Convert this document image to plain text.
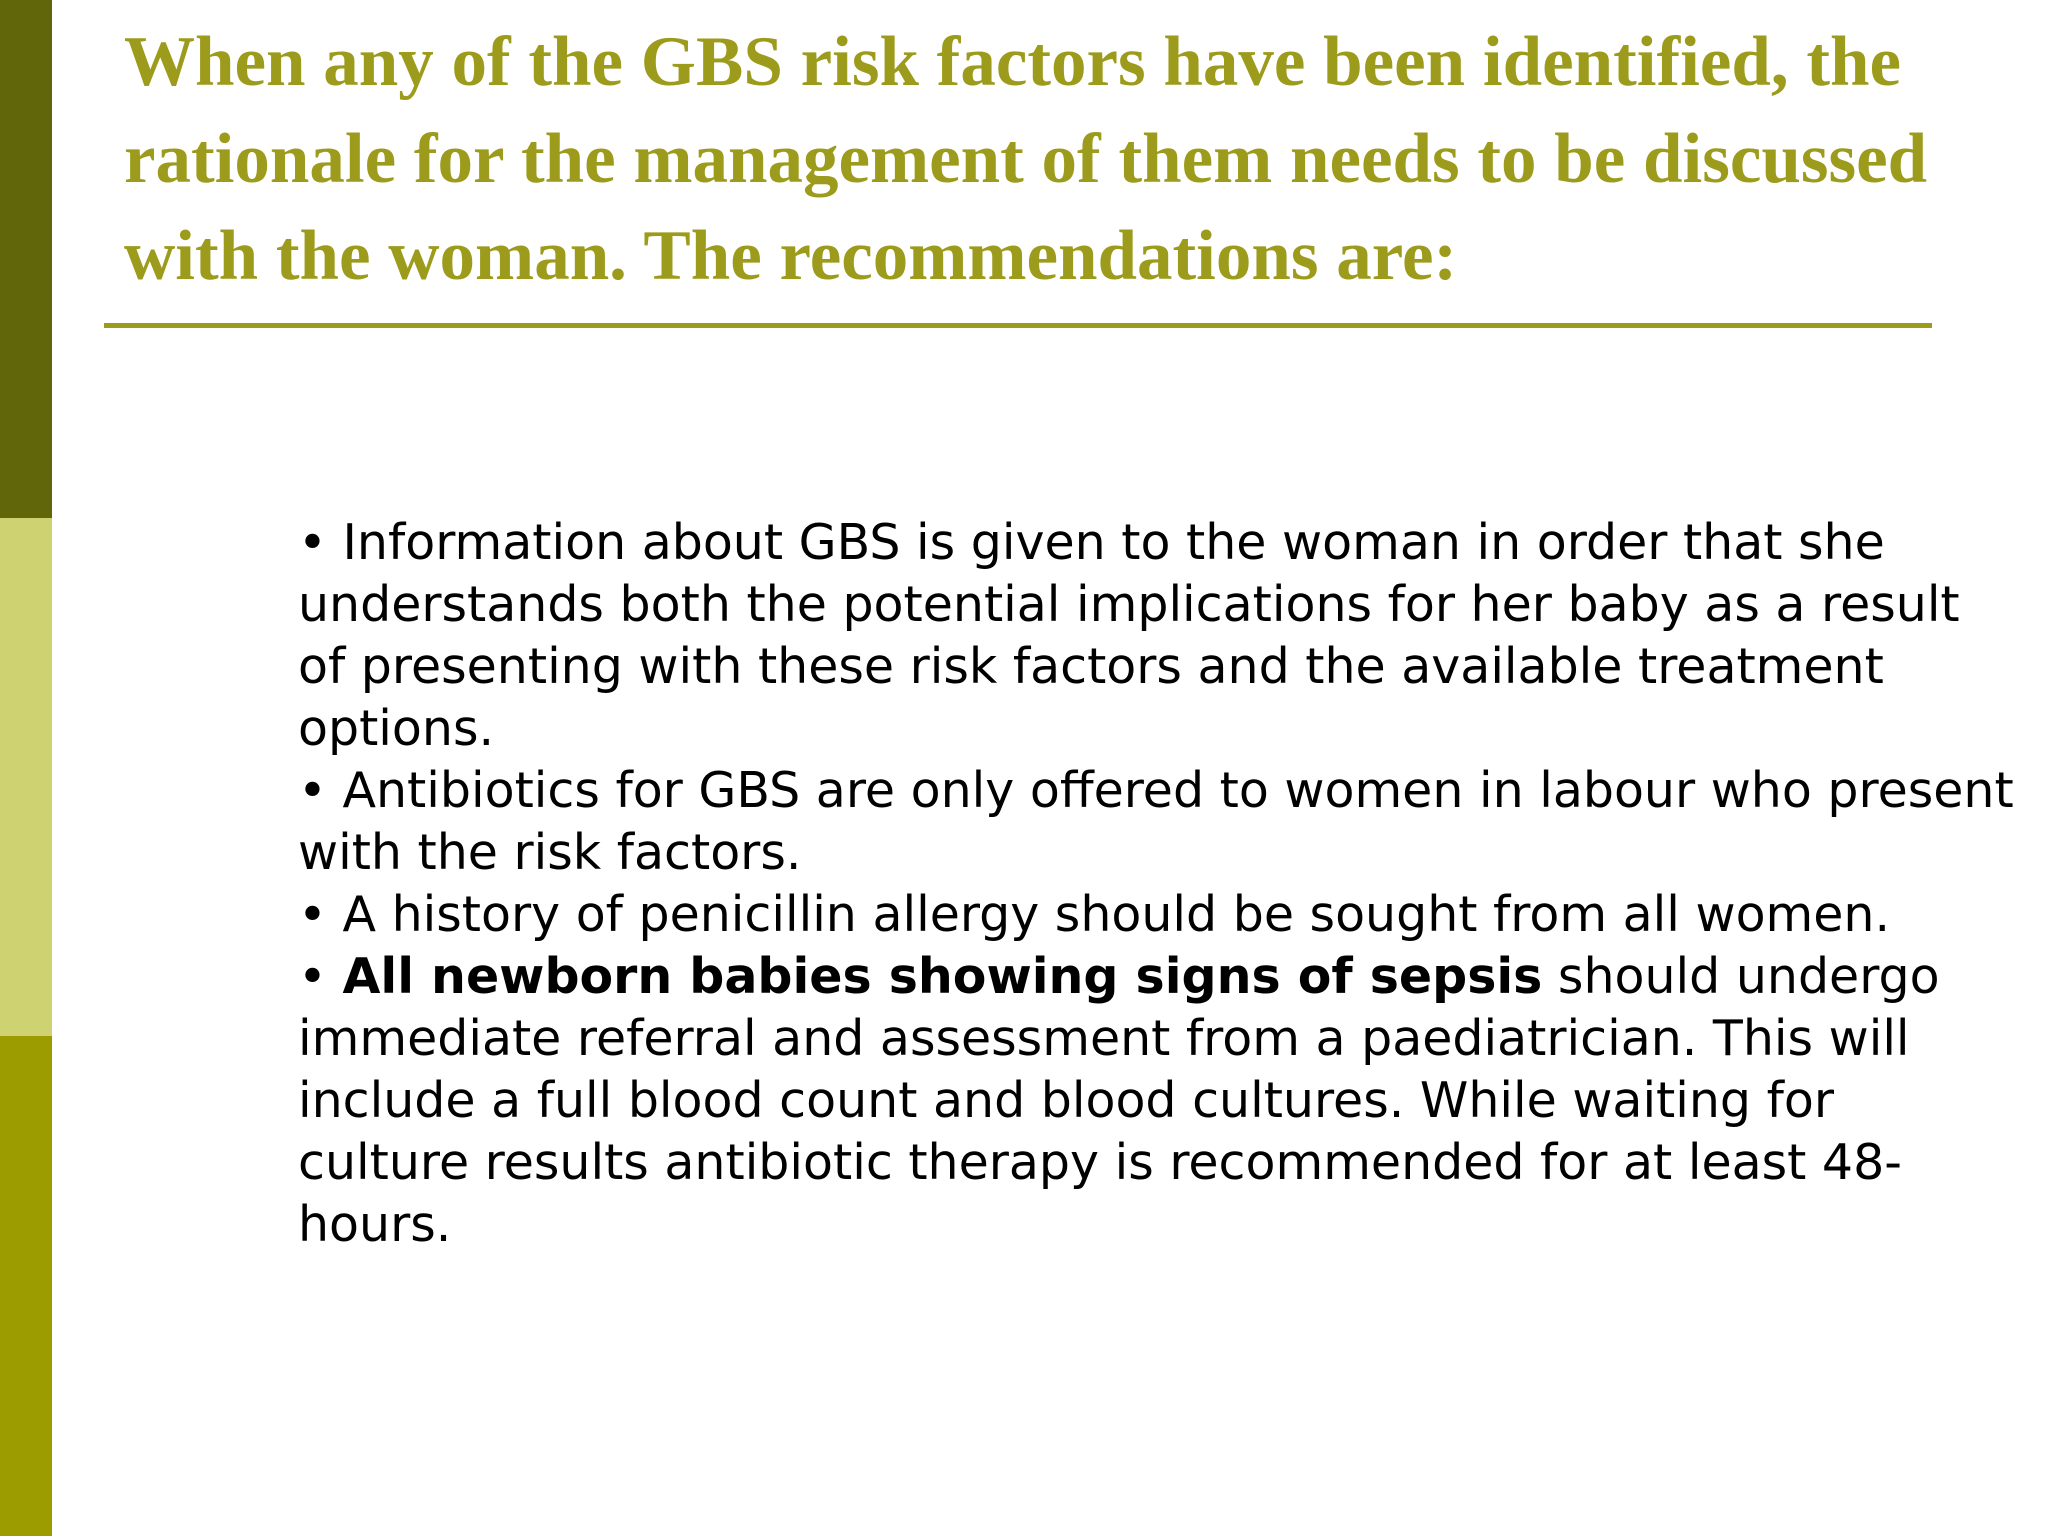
When any of the GBS risk factors have been identified, the rationale for the management of them needs to be discussed with the woman. The recommendations are:

• Information about GBS is given to the woman in order that she understands both the potential implications for her baby as a result of presenting with these risk factors and the available treatment options.

• Antibiotics for GBS are only offered to women in labour who present with the risk factors.

• A history of penicillin allergy should be sought from all women.

• All newborn babies showing signs of sepsis should undergo immediate referral and assessment from a paediatrician. This will include a full blood count and blood cultures. While waiting for culture results antibiotic therapy is recommended for at least 48-hours.
